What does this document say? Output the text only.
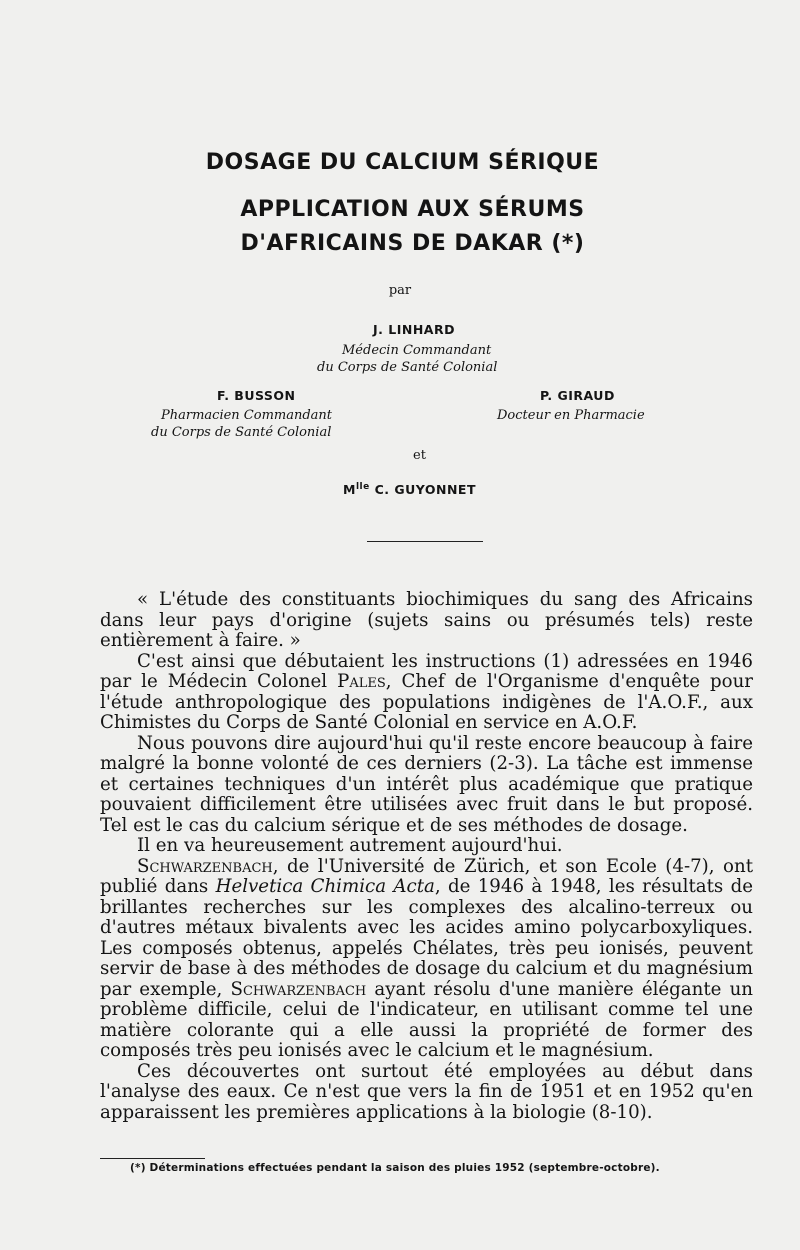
DOSAGE DU CALCIUM SÉRIQUE
APPLICATION AUX SÉRUMS
D'AFRICAINS DE DAKAR (*)
par
J. LINHARD
Médecin Commandant
du Corps de Santé Colonial
F. BUSSON
Pharmacien Commandant
du Corps de Santé Colonial
P. GIRAUD
Docteur en Pharmacie
et
$M^{lle}$ C. GUYONNET

« L'étude des constituants biochimiques du sang des Africains dans leur pays d'origine (sujets sains ou présumés tels) reste entièrement à faire. »

C'est ainsi que débutaient les instructions (1) adressées en 1946 par le Médecin Colonel Pales, Chef de l'Organisme d'enquête pour l'étude anthropologique des populations indigènes de l'A.O.F., aux Chimistes du Corps de Santé Colonial en service en A.O.F.

Nous pouvons dire aujourd'hui qu'il reste encore beaucoup à faire malgré la bonne volonté de ces derniers (2-3). La tâche est immense et certaines techniques d'un intérêt plus académique que pratique pouvaient difficilement être utilisées avec fruit dans le but proposé. Tel est le cas du calcium sérique et de ses méthodes de dosage.

Il en va heureusement autrement aujourd'hui.

Schwarzenbach, de l'Université de Zürich, et son Ecole (4-7), ont publié dans Helvetica Chimica Acta, de 1946 à 1948, les résultats de brillantes recherches sur les complexes des alcalino-terreux ou d'autres métaux bivalents avec les acides amino polycarboxyliques. Les composés obtenus, appelés Chélates, très peu ionisés, peuvent servir de base à des méthodes de dosage du calcium et du magnésium par exemple, Schwarzenbach ayant résolu d'une manière élégante un problème difficile, celui de l'indicateur, en utilisant comme tel une matière colorante qui a elle aussi la propriété de former des composés très peu ionisés avec le calcium et le magnésium.

Ces découvertes ont surtout été employées au début dans l'analyse des eaux. Ce n'est que vers la fin de 1951 et en 1952 qu'en apparaissent les premières applications à la biologie (8-10).

(*) Déterminations effectuées pendant la saison des pluies 1952 (septembre-octobre).
